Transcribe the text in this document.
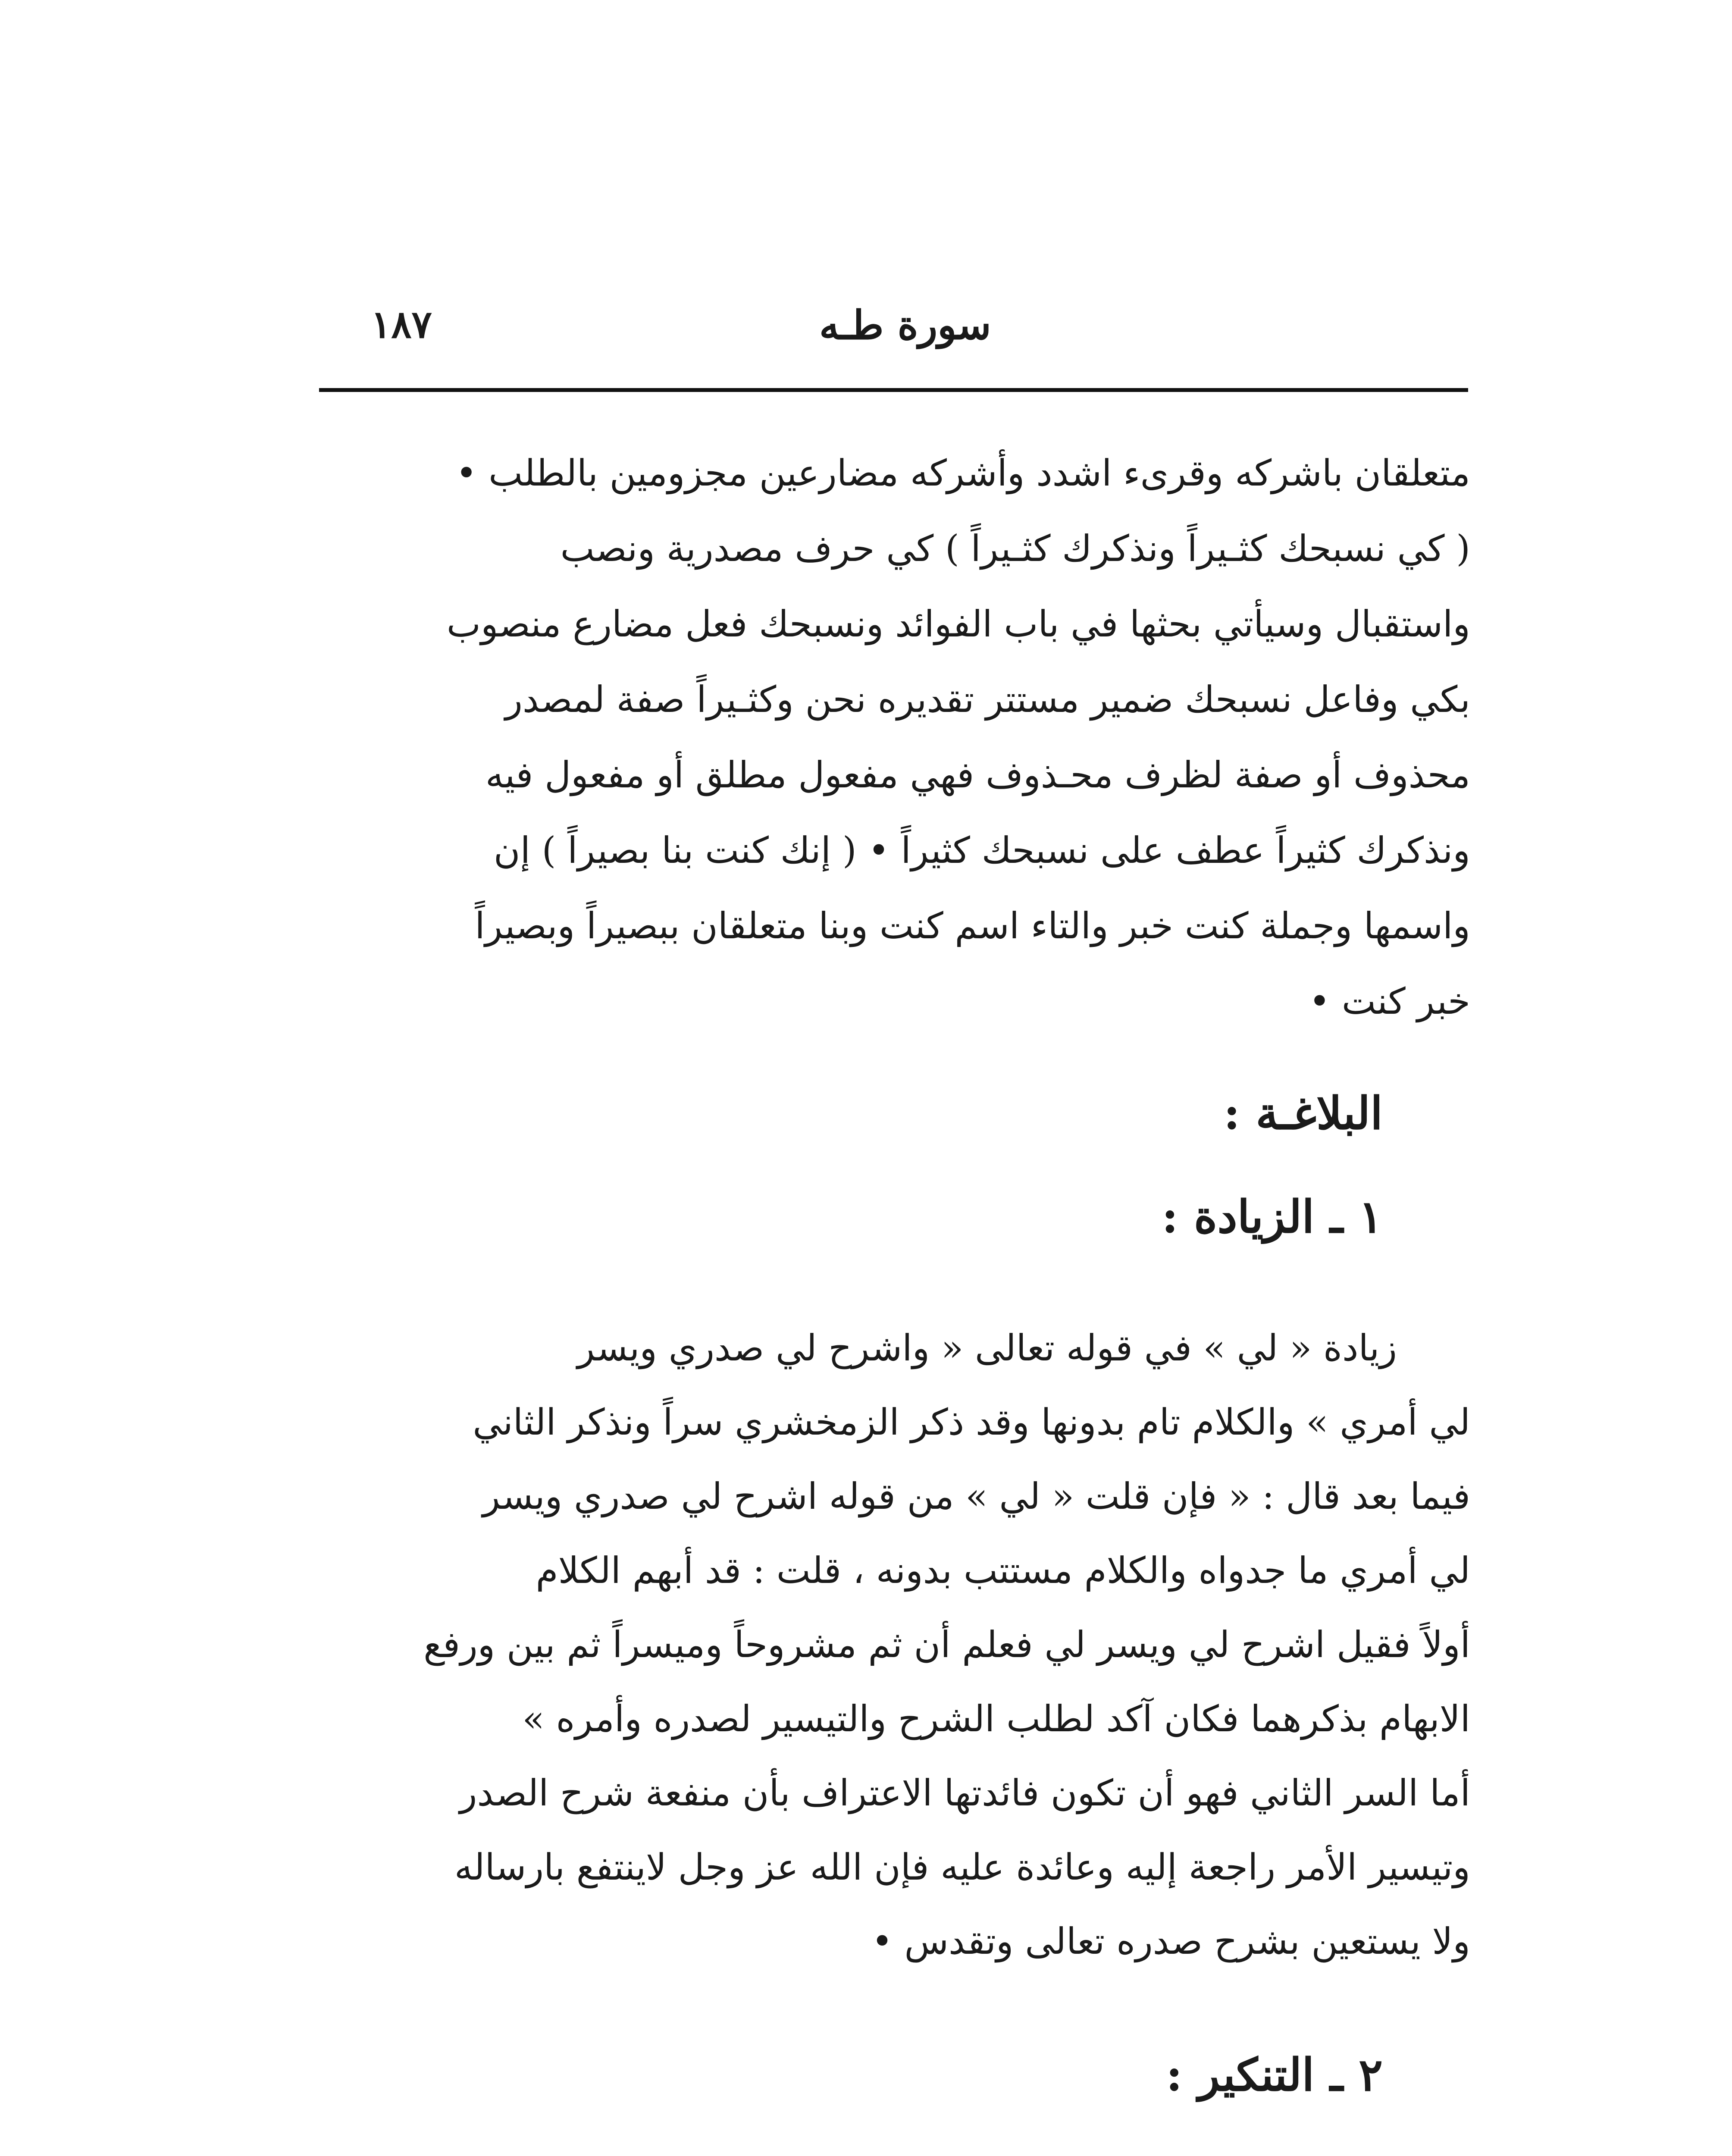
١٨٧	سورة طـه
متعلقان باشركه وقرىء اشدد وأشركه مضارعين مجزومين بالطلب •
( كي نسبحك كثـيراً ونذكرك كثـيراً ) كي حرف مصدرية ونصب
واستقبال وسيأتي بحثها في باب الفوائد ونسبحك فعل مضارع منصوب
بكي وفاعل نسبحك ضمير مستتر تقديره نحن وكثـيراً صفة لمصدر
محذوف أو صفة لظرف محـذوف فهي مفعول مطلق أو مفعول فيه
ونذكرك كثيراً عطف على نسبحك كثيراً • ( إنك كنت بنا بصيراً ) إن
واسمها وجملة كنت خبر والتاء اسم كنت وبنا متعلقان ببصيراً وبصيراً
خبر كنت •
البلاغـة :
١ ـ الزيادة :
زيادة « لي » في قوله تعالى « واشرح لي صدري ويسر
لي أمري » والكلام تام بدونها وقد ذكر الزمخشري سراً ونذكر الثاني
فيما بعد قال : « فإن قلت « لي » من قوله اشرح لي صدري ويسر
لي أمري ما جدواه والكلام مستتب بدونه ، قلت : قد أبهم الكلام
أولاً فقيل اشرح لي ويسر لي فعلم أن ثم مشروحاً وميسراً ثم بين ورفع
الابهام بذكرهما فكان آكد لطلب الشرح والتيسير لصدره وأمره »
أما السر الثاني فهو أن تكون فائدتها الاعتراف بأن منفعة شرح الصدر
وتيسير الأمر راجعة إليه وعائدة عليه فإن الله عز وجل لاينتفع بارساله
ولا يستعين بشرح صدره تعالى وتقدس •
٢ ـ التنكير :
